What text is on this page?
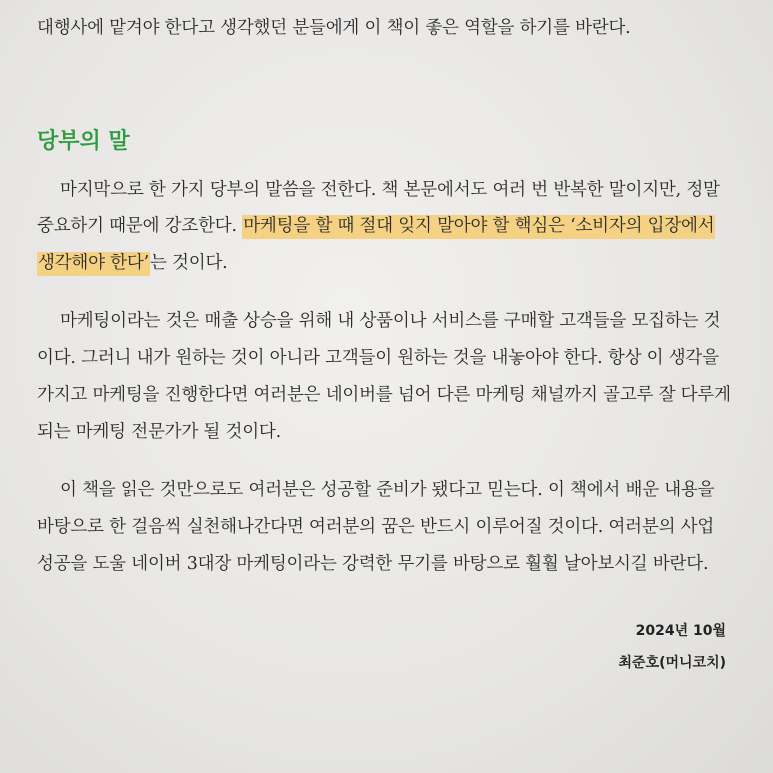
대행사에 맡겨야 한다고 생각했던 분들에게 이 책이 좋은 역할을 하기를 바란다.
당부의 말
마지막으로 한 가지 당부의 말씀을 전한다. 책 본문에서도 여러 번 반복한 말이지만, 정말
중요하기 때문에 강조한다. 마케팅을 할 때 절대 잊지 말아야 할 핵심은 ‘소비자의 입장에서
생각해야 한다’는 것이다.
마케팅이라는 것은 매출 상승을 위해 내 상품이나 서비스를 구매할 고객들을 모집하는 것
이다. 그러니 내가 원하는 것이 아니라 고객들이 원하는 것을 내놓아야 한다. 항상 이 생각을
가지고 마케팅을 진행한다면 여러분은 네이버를 넘어 다른 마케팅 채널까지 골고루 잘 다루게
되는 마케팅 전문가가 될 것이다.
이 책을 읽은 것만으로도 여러분은 성공할 준비가 됐다고 믿는다. 이 책에서 배운 내용을
바탕으로 한 걸음씩 실천해나간다면 여러분의 꿈은 반드시 이루어질 것이다. 여러분의 사업
성공을 도울 네이버 3대장 마케팅이라는 강력한 무기를 바탕으로 훨훨 날아보시길 바란다.
2024년 10월
최준호(머니코치)
